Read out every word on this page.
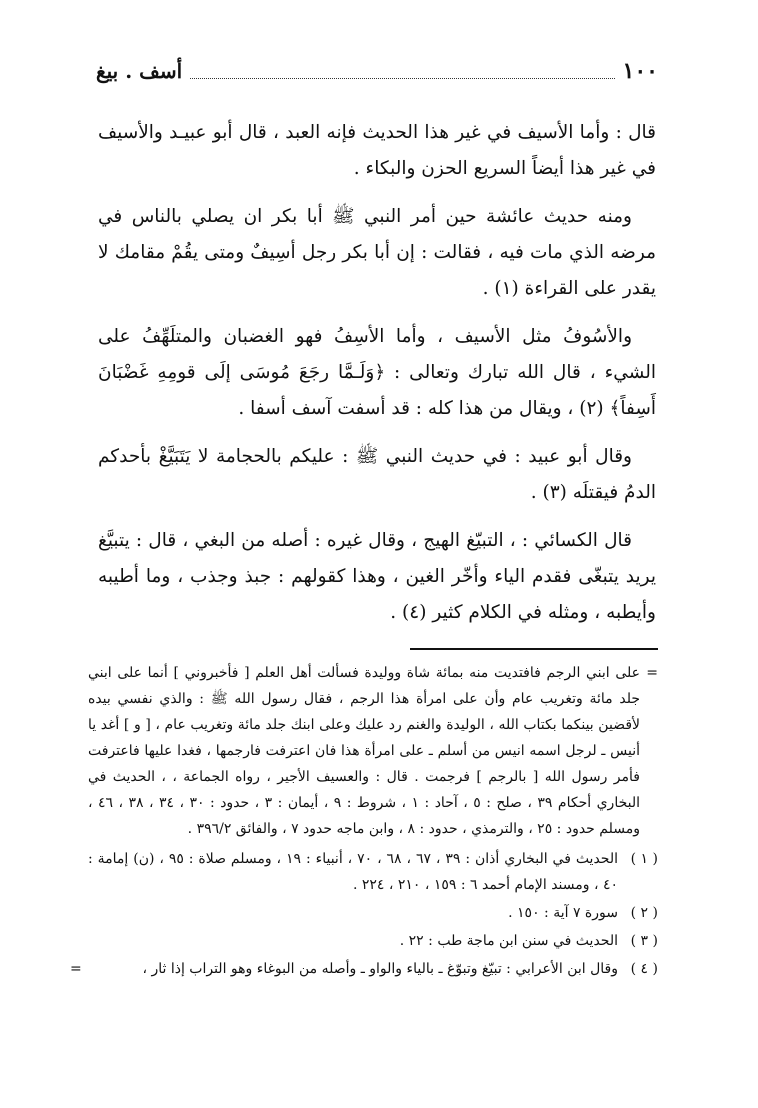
١٠٠
أسف . بيغ

قال : وأما الأسيف في غير هذا الحديث فإنه العبد ، قال أبو عبيـد والأسيف في غير هذا أيضاً السريع الحزن والبكاء .

ومنه حديث عائشة حين أمر النبي ﷺ أبا بكر ان يصلي بالناس في مرضه الذي مات فيه ، فقالت : إن أبا بكر رجل أسِيفٌ ومتى يقُمْ مقامك لا يقدر على القراءة (١) .

والأسُوفُ مثل الأسيف ، وأما الأسِفُ فهو الغضبان والمتلَهِّفُ على الشيء ، قال الله تبارك وتعالى : ﴿وَلَـمَّا رجَعَ مُوسَى إلَى قومِهِ غَضْبَانَ أَسِفاً﴾ (٢) ، ويقال من هذا كله : قد أسفت آسف أسفا .

وقال أبو عبيد : في حديث النبي ﷺ : عليكم بالحجامة لا يَتَبَيَّغْ بأحدكم الدمُ فيقتلَه (٣) .

قال الكسائي : ، التبيّغ الهيج ، وقال غيره : أصله من البغي ، قال : يتبيَّغ يريد يتبغّى فقدم الياء وأخّر الغين ، وهذا كقولهم : جبذ وجذب ، وما أطيبه وأيطبه ، ومثله في الكلام كثير (٤) .

=
على ابني الرجم فافتديت منه بمائة شاة ووليدة فسألت أهل العلم [ فأخبروني ] أنما على ابني جلد مائة وتغريب عام وأن على امرأة هذا الرجم ، فقال رسول الله ﷺ : والذي نفسي بيده لأقضين بينكما بكتاب الله ، الوليدة والغنم رد عليك وعلى ابنك جلد مائة وتغريب عام ، [ و ] أغد يا أنيس ـ لرجل اسمه انيس من أسلم ـ على امرأة هذا فان اعترفت فارجمها ، فغدا عليها فاعترفت فأمر رسول الله [ بالرجم ] فرجمت . قال : والعسيف الأجير ، رواه الجماعة ، ، الحديث في البخاري أحكام ٣٩ ، صلح : ٥ ، آحاد : ١ ، شروط : ٩ ، أيمان : ٣ ، حدود : ٣٠ ، ٣٤ ، ٣٨ ، ٤٦ ، ومسلم حدود : ٢٥ ، والترمذي ، حدود : ٨ ، وابن ماجه حدود ٧ ، والفائق ٣٩٦/٢ .
( ١ )
الحديث في البخاري أذان : ٣٩ ، ٦٧ ، ٦٨ ، ٧٠ ، أنبياء : ١٩ ، ومسلم صلاة : ٩٥ ، (ن) إمامة : ٤٠ ، ومسند الإمام أحمد ٦ : ١٥٩ ، ٢١٠ ، ٢٢٤ .
( ٢ )
سورة ٧ آية : ١٥٠ .
( ٣ )
الحديث في سنن ابن ماجة طب : ٢٢ .
( ٤ )
وقال ابن الأعرابي : تبيّغ وتبوّغ ـ بالياء والواو ـ وأصله من البوغاء وهو التراب إذا ثار ،
=
